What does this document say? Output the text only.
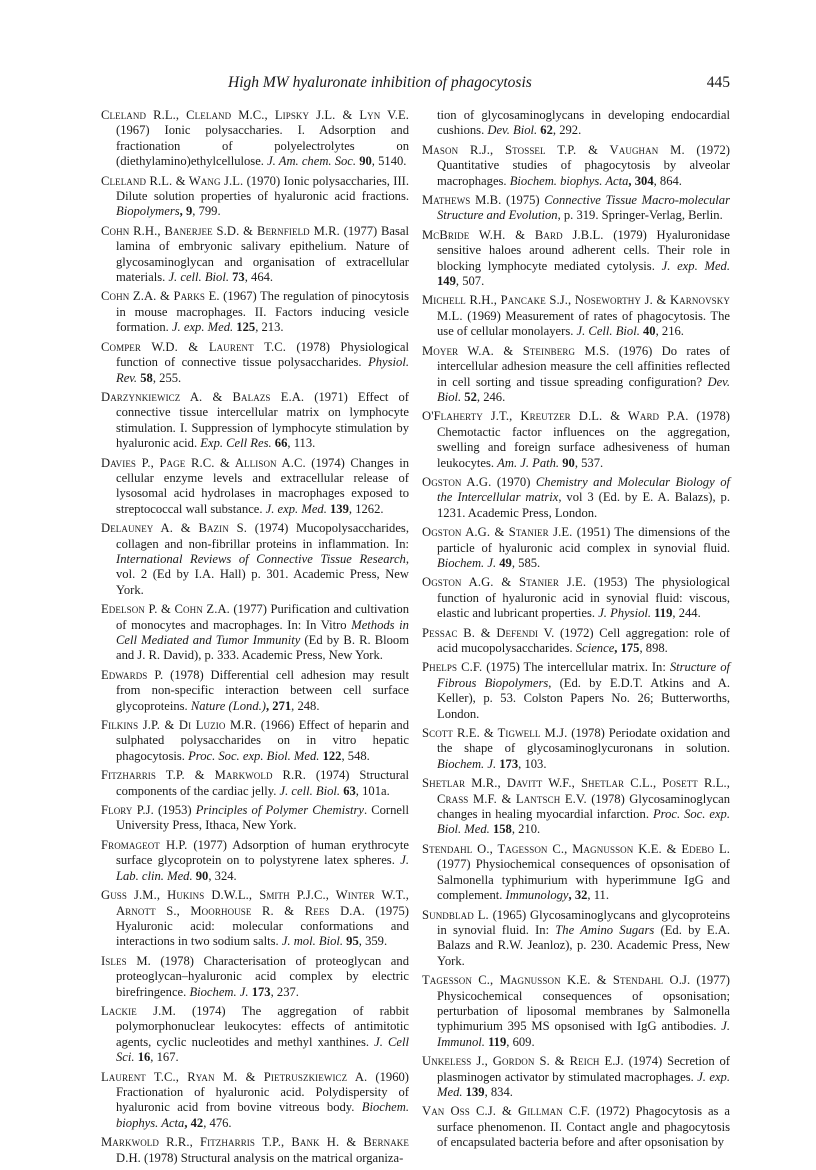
High MW hyaluronate inhibition of phagocytosis	445

Cleland R.L., Cleland M.C., Lipsky J.L. & Lyn V.E. (1967) Ionic polysaccharies. I. Adsorption and fractionation of polyelectrolytes on (diethylamino)ethylcellulose. J. Am. chem. Soc. 90, 5140.

Cleland R.L. & Wang J.L. (1970) Ionic polysaccharies, III. Dilute solution properties of hyaluronic acid fractions. Biopolymers, 9, 799.

Cohn R.H., Banerjee S.D. & Bernfield M.R. (1977) Basal lamina of embryonic salivary epithelium. Nature of glycosaminoglycan and organisation of extracellular materials. J. cell. Biol. 73, 464.

Cohn Z.A. & Parks E. (1967) The regulation of pinocytosis in mouse macrophages. II. Factors inducing vesicle formation. J. exp. Med. 125, 213.

Comper W.D. & Laurent T.C. (1978) Physiological function of connective tissue polysaccharides. Physiol. Rev. 58, 255.

Darzynkiewicz A. & Balazs E.A. (1971) Effect of connective tissue intercellular matrix on lymphocyte stimulation. I. Suppression of lymphocyte stimulation by hyaluronic acid. Exp. Cell Res. 66, 113.

Davies P., Page R.C. & Allison A.C. (1974) Changes in cellular enzyme levels and extracellular release of lysosomal acid hydrolases in macrophages exposed to streptococcal wall substance. J. exp. Med. 139, 1262.

Delauney A. & Bazin S. (1974) Mucopolysaccharides, collagen and non-fibrillar proteins in inflammation. In: International Reviews of Connective Tissue Research, vol. 2 (Ed by I.A. Hall) p. 301. Academic Press, New York.

Edelson P. & Cohn Z.A. (1977) Purification and cultivation of monocytes and macrophages. In: In Vitro Methods in Cell Mediated and Tumor Immunity (Ed by B. R. Bloom and J. R. David), p. 333. Academic Press, New York.

Edwards P. (1978) Differential cell adhesion may result from non-specific interaction between cell surface glycoproteins. Nature (Lond.), 271, 248.

Filkins J.P. & Di Luzio M.R. (1966) Effect of heparin and sulphated polysaccharides on in vitro hepatic phagocytosis. Proc. Soc. exp. Biol. Med. 122, 548.

Fitzharris T.P. & Markwold R.R. (1974) Structural components of the cardiac jelly. J. cell. Biol. 63, 101a.

Flory P.J. (1953) Principles of Polymer Chemistry. Cornell University Press, Ithaca, New York.

Fromageot H.P. (1977) Adsorption of human erythrocyte surface glycoprotein on to polystyrene latex spheres. J. Lab. clin. Med. 90, 324.

Guss J.M., Hukins D.W.L., Smith P.J.C., Winter W.T., Arnott S., Moorhouse R. & Rees D.A. (1975) Hyaluronic acid: molecular conformations and interactions in two sodium salts. J. mol. Biol. 95, 359.

Isles M. (1978) Characterisation of proteoglycan and proteoglycan–hyaluronic acid complex by electric birefringence. Biochem. J. 173, 237.

Lackie J.M. (1974) The aggregation of rabbit polymorphonuclear leukocytes: effects of antimitotic agents, cyclic nucleotides and methyl xanthines. J. Cell Sci. 16, 167.

Laurent T.C., Ryan M. & Pietruszkiewicz A. (1960) Fractionation of hyaluronic acid. Polydispersity of hyaluronic acid from bovine vitreous body. Biochem. biophys. Acta, 42, 476.

Markwold R.R., Fitzharris T.P., Bank H. & Bernake D.H. (1978) Structural analysis on the matrical organiza-

tion of glycosaminoglycans in developing endocardial cushions. Dev. Biol. 62, 292.

Mason R.J., Stossel T.P. & Vaughan M. (1972) Quantitative studies of phagocytosis by alveolar macrophages. Biochem. biophys. Acta, 304, 864.

Mathews M.B. (1975) Connective Tissue Macro-molecular Structure and Evolution, p. 319. Springer-Verlag, Berlin.

McBride W.H. & Bard J.B.L. (1979) Hyaluronidase sensitive haloes around adherent cells. Their role in blocking lymphocyte mediated cytolysis. J. exp. Med. 149, 507.

Michell R.H., Pancake S.J., Noseworthy J. & Karnovsky M.L. (1969) Measurement of rates of phagocytosis. The use of cellular monolayers. J. Cell. Biol. 40, 216.

Moyer W.A. & Steinberg M.S. (1976) Do rates of intercellular adhesion measure the cell affinities reflected in cell sorting and tissue spreading configuration? Dev. Biol. 52, 246.

O'Flaherty J.T., Kreutzer D.L. & Ward P.A. (1978) Chemotactic factor influences on the aggregation, swelling and foreign surface adhesiveness of human leukocytes. Am. J. Path. 90, 537.

Ogston A.G. (1970) Chemistry and Molecular Biology of the Intercellular matrix, vol 3 (Ed. by E. A. Balazs), p. 1231. Academic Press, London.

Ogston A.G. & Stanier J.E. (1951) The dimensions of the particle of hyaluronic acid complex in synovial fluid. Biochem. J. 49, 585.

Ogston A.G. & Stanier J.E. (1953) The physiological function of hyaluronic acid in synovial fluid: viscous, elastic and lubricant properties. J. Physiol. 119, 244.

Pessac B. & Defendi V. (1972) Cell aggregation: role of acid mucopolysaccharides. Science, 175, 898.

Phelps C.F. (1975) The intercellular matrix. In: Structure of Fibrous Biopolymers, (Ed. by E.D.T. Atkins and A. Keller), p. 53. Colston Papers No. 26; Butterworths, London.

Scott R.E. & Tigwell M.J. (1978) Periodate oxidation and the shape of glycosaminoglycuronans in solution. Biochem. J. 173, 103.

Shetlar M.R., Davitt W.F., Shetlar C.L., Posett R.L., Crass M.F. & Lantsch E.V. (1978) Glycosaminoglycan changes in healing myocardial infarction. Proc. Soc. exp. Biol. Med. 158, 210.

Stendahl O., Tagesson C., Magnusson K.E. & Edebo L. (1977) Physiochemical consequences of opsonisation of Salmonella typhimurium with hyperimmune IgG and complement. Immunology, 32, 11.

Sundblad L. (1965) Glycosaminoglycans and glycoproteins in synovial fluid. In: The Amino Sugars (Ed. by E.A. Balazs and R.W. Jeanloz), p. 230. Academic Press, New York.

Tagesson C., Magnusson K.E. & Stendahl O.J. (1977) Physicochemical consequences of opsonisation; perturbation of liposomal membranes by Salmonella typhimurium 395 MS opsonised with IgG antibodies. J. Immunol. 119, 609.

Unkeless J., Gordon S. & Reich E.J. (1974) Secretion of plasminogen activator by stimulated macrophages. J. exp. Med. 139, 834.

Van Oss C.J. & Gillman C.F. (1972) Phagocytosis as a surface phenomenon. II. Contact angle and phagocytosis of encapsulated bacteria before and after opsonisation by
